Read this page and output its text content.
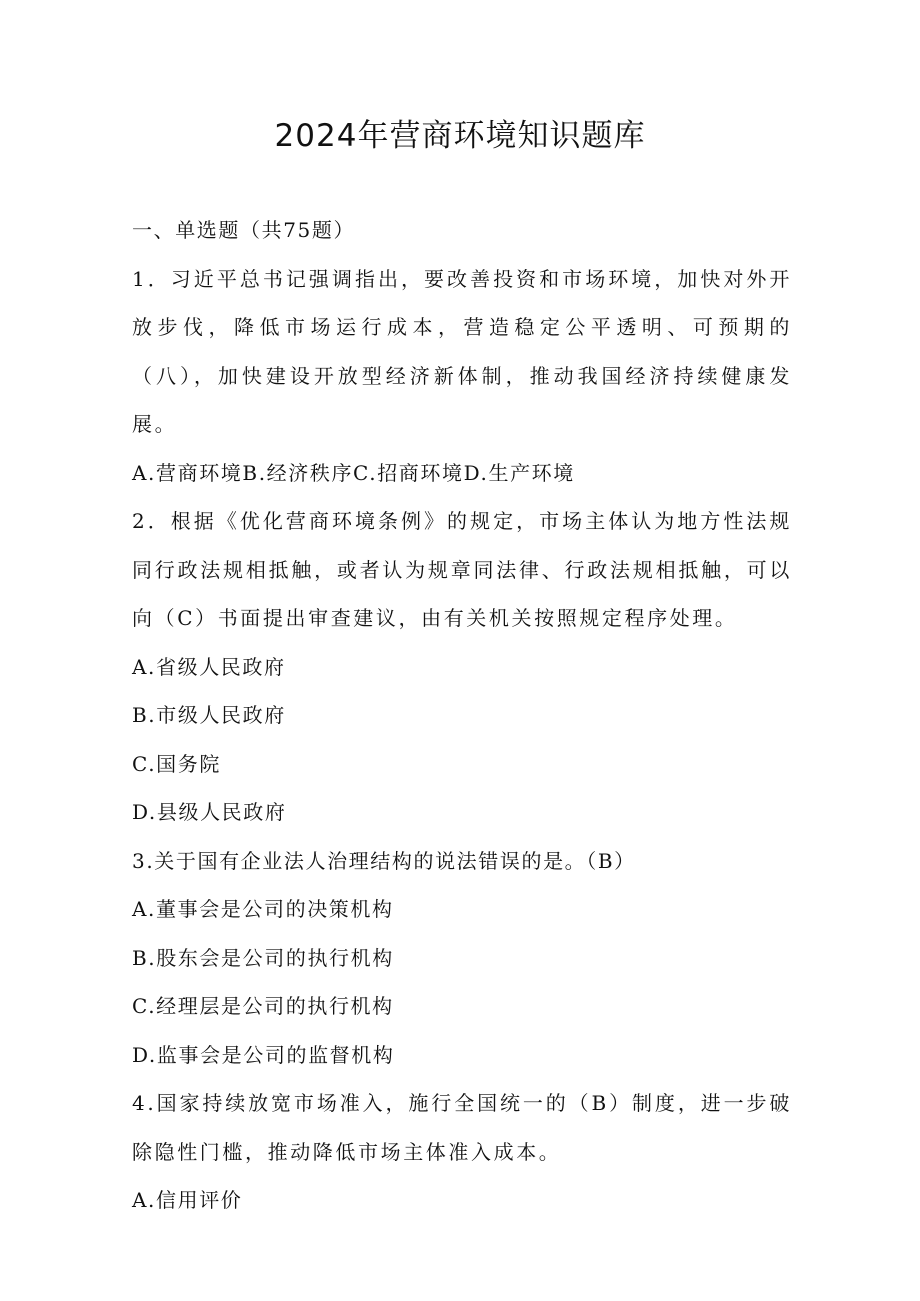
2024年营商环境知识题库
一、单选题（共75题）
1．习近平总书记强调指出，要改善投资和市场环境，加快对外开放步伐，降低市场运行成本，营造稳定公平透明、可预期的（八），加快建设开放型经济新体制，推动我国经济持续健康发展。
A.营商环境B.经济秩序C.招商环境D.生产环境
2．根据《优化营商环境条例》的规定，市场主体认为地方性法规同行政法规相抵触，或者认为规章同法律、行政法规相抵触，可以向（C）书面提出审查建议，由有关机关按照规定程序处理。
A.省级人民政府
B.市级人民政府
C.国务院
D.县级人民政府
3.关于国有企业法人治理结构的说法错误的是。（B）
A.董事会是公司的决策机构
B.股东会是公司的执行机构
C.经理层是公司的执行机构
D.监事会是公司的监督机构
4.国家持续放宽市场准入，施行全国统一的（B）制度，进一步破除隐性门槛，推动降低市场主体准入成本。
A.信用评价
